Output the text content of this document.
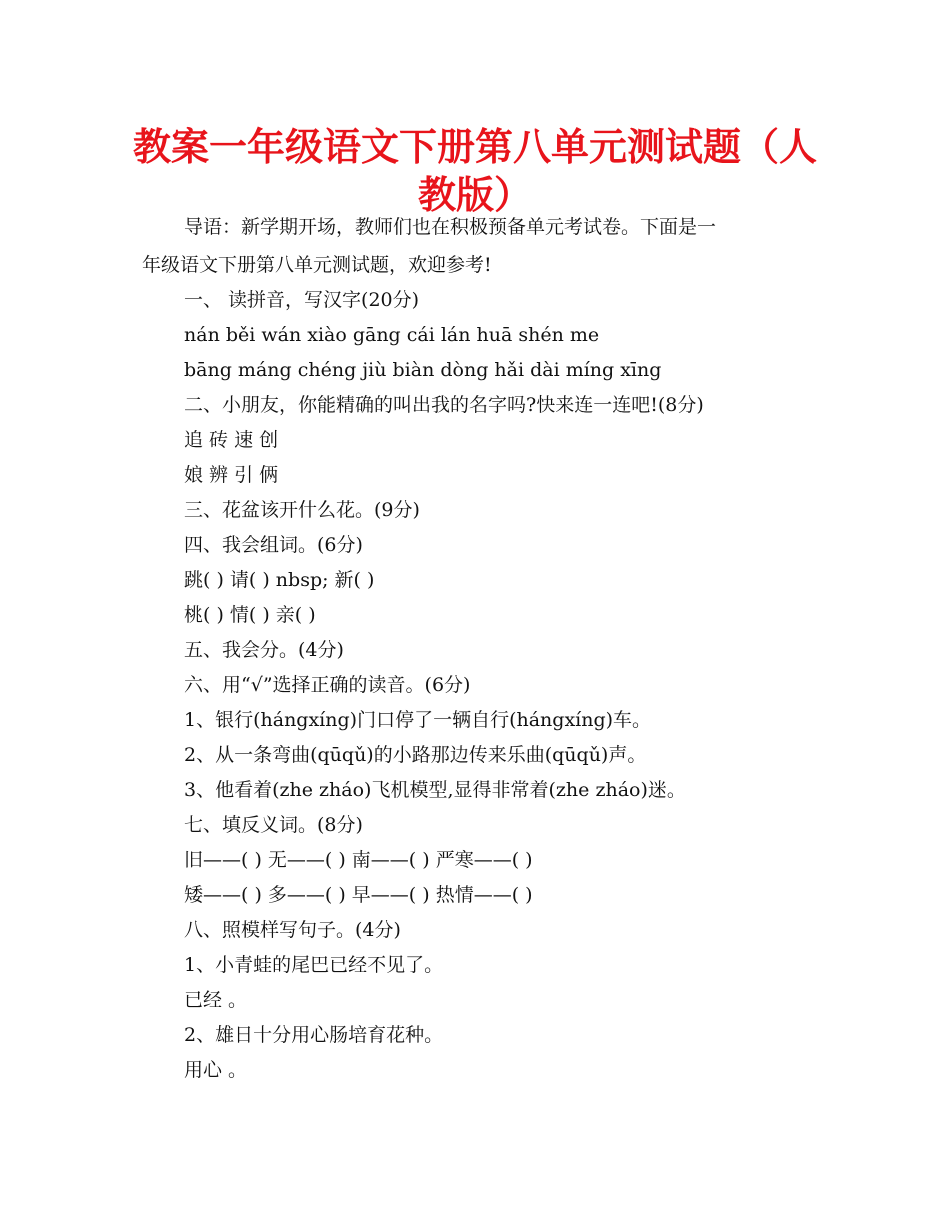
教案一年级语文下册第八单元测试题（人
教版）
导语：新学期开场，教师们也在积极预备单元考试卷。下面是一
年级语文下册第八单元测试题，欢迎参考!
一、 读拼音，写汉字(20分)
nán běi wán xiào gāng cái lán huā shén me
bāng máng chéng jiù biàn dòng hǎi dài míng xīng
二、小朋友，你能精确的叫出我的名字吗?快来连一连吧!(8分)
追 砖 速 创
娘 辨 引 俩
三、花盆该开什么花。(9分)
四、我会组词。(6分)
跳( ) 请( ) nbsp; 新( )
桃( ) 情( ) 亲( )
五、我会分。(4分)
六、用“√”选择正确的读音。(6分)
1、银行(hángxíng)门口停了一辆自行(hángxíng)车。
2、从一条弯曲(qūqǔ)的小路那边传来乐曲(qūqǔ)声。
3、他看着(zhe zháo)飞机模型,显得非常着(zhe zháo)迷。
七、填反义词。(8分)
旧——( ) 无——( ) 南——( ) 严寒——( )
矮——( ) 多——( ) 早——( ) 热情——( )
八、照模样写句子。(4分)
1、小青蛙的尾巴已经不见了。
已经 。
2、雄日十分用心肠培育花种。
用心 。
